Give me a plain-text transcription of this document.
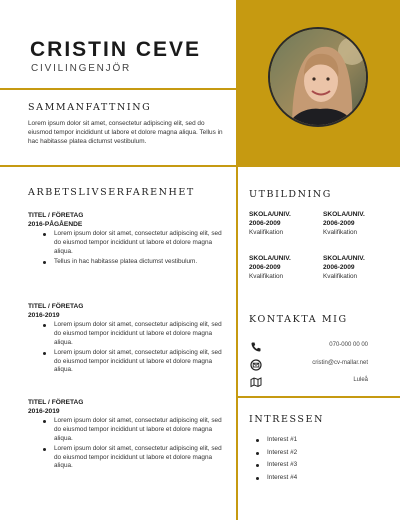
CRISTIN CEVE
CIVILINGENJÖR
SAMMANFATTNING
Lorem ipsum dolor sit amet, consectetur adipiscing elit, sed do eiusmod tempor incididunt ut labore et dolore magna aliqua. Tellus in hac habitasse platea dictumst vestibulum.
ARBETSLIVSERFARENHET
TITEL / FÖRETAG
2016-PÅGÅENDE
Lorem ipsum dolor sit amet, consectetur adipiscing elit, sed do eiusmod tempor incididunt ut labore et dolore magna aliqua.
Tellus in hac habitasse platea dictumst vestibulum.
TITEL / FÖRETAG
2016-2019
Lorem ipsum dolor sit amet, consectetur adipiscing elit, sed do eiusmod tempor incididunt ut labore et dolore magna aliqua.
Lorem ipsum dolor sit amet, consectetur adipiscing elit, sed do eiusmod tempor incididunt ut labore et dolore magna aliqua.
TITEL / FÖRETAG
2016-2019
Lorem ipsum dolor sit amet, consectetur adipiscing elit, sed do eiusmod tempor incididunt ut labore et dolore magna aliqua.
Lorem ipsum dolor sit amet, consectetur adipiscing elit, sed do eiusmod tempor incididunt ut labore et dolore magna aliqua.
UTBILDNING
SKOLA/UNIV.
2006-2009
Kvalifikation
SKOLA/UNIV.
2006-2009
Kvalifikation
SKOLA/UNIV.
2006-2009
Kvalifikation
SKOLA/UNIV.
2006-2009
Kvalifikation
KONTAKTA MIG
070-000 00 00
cristin@cv-mallar.net
Luleå
INTRESSEN
Interest #1
Interest #2
Interest #3
Interest #4
